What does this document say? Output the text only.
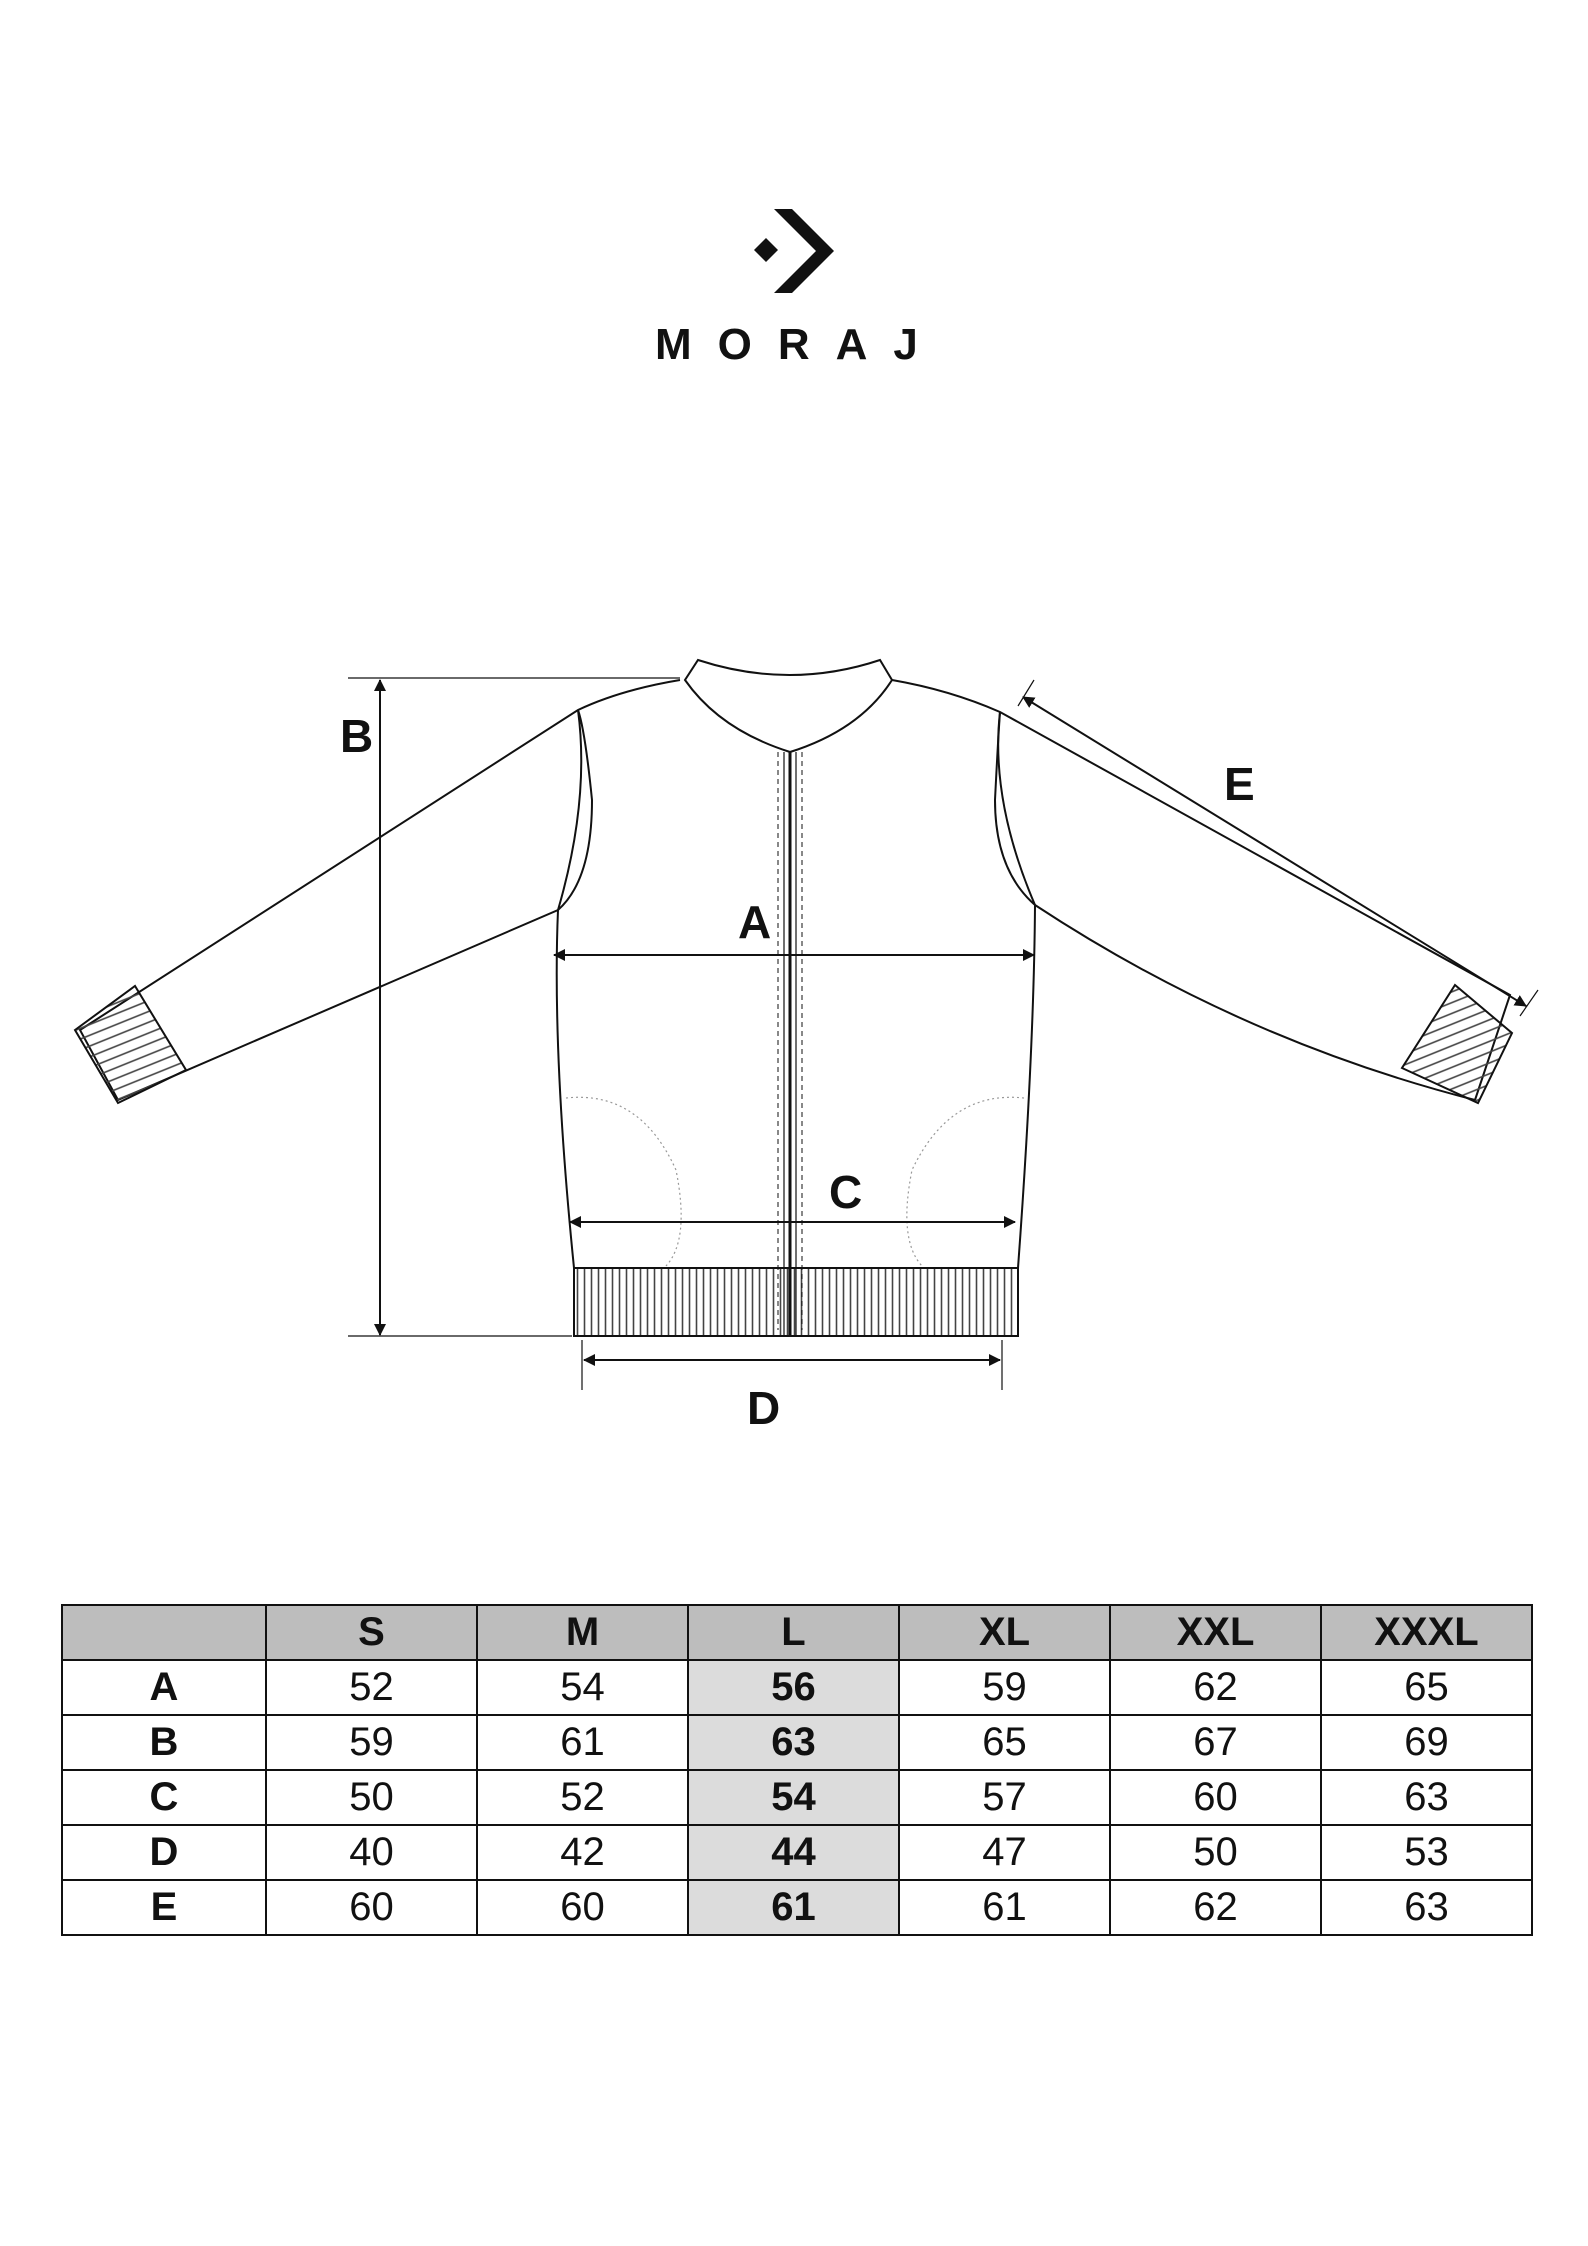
MORAJ
A
B
C
D
E
	S	M	L	XL	XXL	XXXL
A	52	54	56	59	62	65
B	59	61	63	65	67	69
C	50	52	54	57	60	63
D	40	42	44	47	50	53
E	60	60	61	61	62	63
